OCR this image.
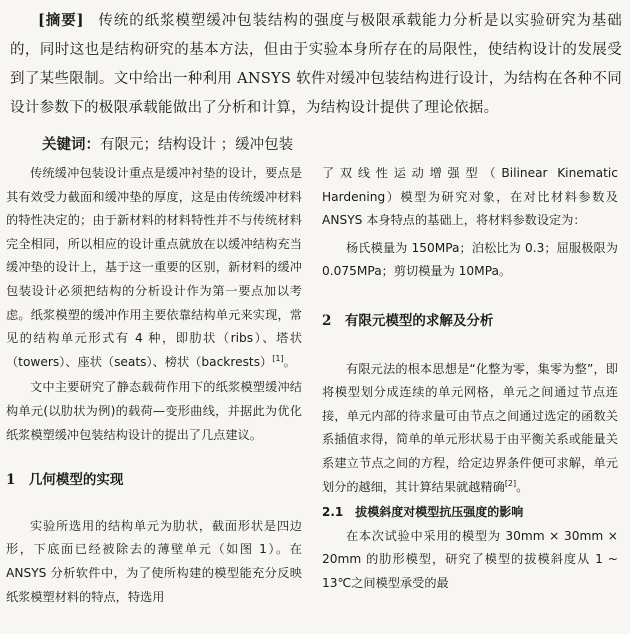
[摘要] 传统的纸浆模塑缓冲包装结构的强度与极限承载能力分析是以实验研究为基础的，同时这也是结构研究的基本方法，但由于实验本身所存在的局限性，使结构设计的发展受到了某些限制。文中给出一种利用 ANSYS 软件对缓冲包装结构进行设计，为结构在各种不同设计参数下的极限承载能做出了分析和计算，为结构设计提供了理论依据。

关键词：有限元；结构设计 ；缓冲包装

传统缓冲包装设计重点是缓冲衬垫的设计，要点是其有效受力截面和缓冲垫的厚度，这是由传统缓冲材料的特性决定的；由于新材料的材料特性并不与传统材料完全相同，所以相应的设计重点就放在以缓冲结构充当缓冲垫的设计上，基于这一重要的区别，新材料的缓冲包装设计必须把结构的分析设计作为第一要点加以考虑。纸浆模塑的缓冲作用主要依靠结构单元来实现，常见的结构单元形式有 4 种，即肋状（ribs）、塔状（towers）、座状（seats）、榜状（backrests）[1]。

文中主要研究了静态载荷作用下的纸浆模塑缓冲结构单元(以肋状为例)的载荷—变形曲线，并据此为优化纸浆模塑缓冲包装结构设计的提出了几点建议。

1　几何模型的实现

实验所选用的结构单元为肋状，截面形状是四边形，下底面已经被除去的薄壁单元（如图 1）。在 ANSYS 分析软件中，为了使所构建的模型能充分反映纸浆模塑材料的特点，特选用

了双线性运动增强型（Bilinear Kinematic Hardening）模型为研究对象，在对比材料参数及 ANSYS 本身特点的基础上，将材料参数设定为：

杨氏模量为 150MPa；泊松比为 0.3；屈服极限为 0.075MPa；剪切模量为 10MPa。

2　有限元模型的求解及分析

有限元法的根本思想是“化整为零，集零为整”，即将模型划分成连续的单元网格，单元之间通过节点连接，单元内部的待求量可由节点之间通过选定的函数关系插值求得，简单的单元形状易于由平衡关系或能量关系建立节点之间的方程，给定边界条件便可求解，单元划分的越细，其计算结果就越精确[2]。

2.1　拔模斜度对模型抗压强度的影响

在本次试验中采用的模型为 30mm × 30mm × 20mm 的肋形模型，研究了模型的拔模斜度从 1 ~ 13℃之间模型承受的最
